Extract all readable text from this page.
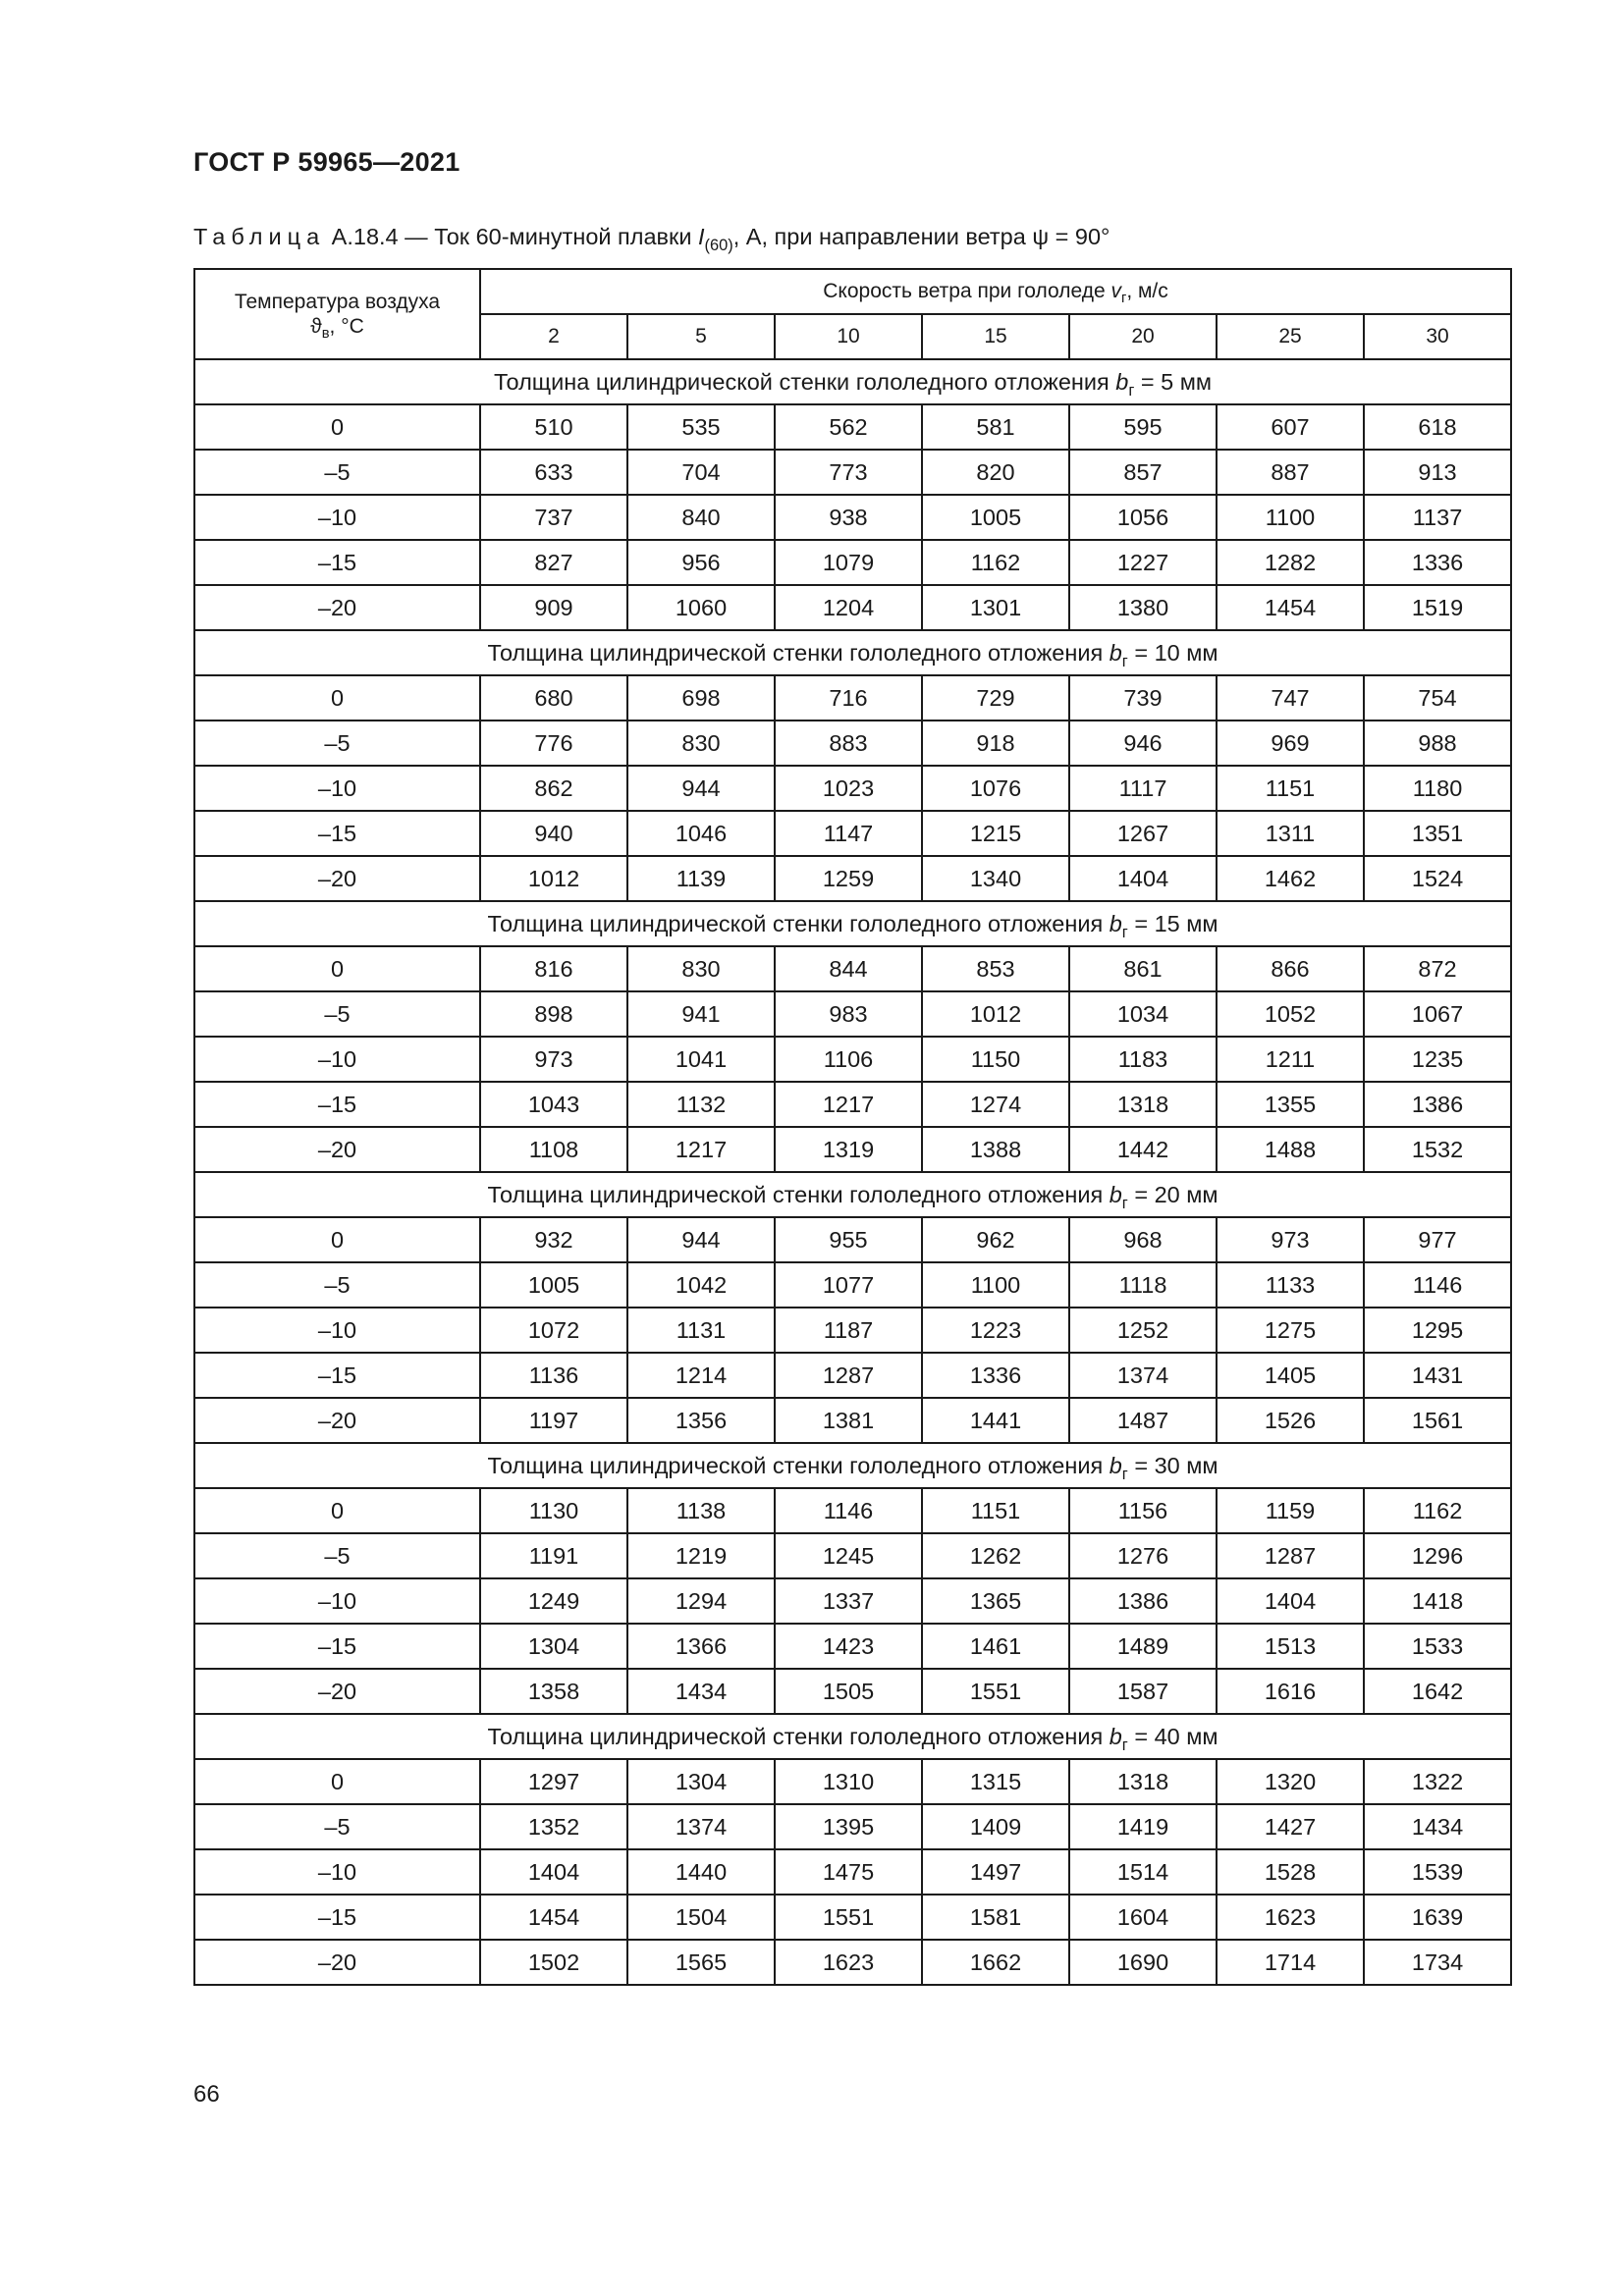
ГОСТ Р 59965—2021
Таблица А.18.4 — Ток 60-минутной плавки $I_{(60)}$, А, при направлении ветра ψ = 90°
Температура воздуха
$ϑ_в$, °С	Скорость ветра при гололеде $v_г$, м/с						
	2	5	10	15	20	25	30
Толщина цилиндрической стенки гололедного отложения $b_г = 5$ мм							
0	510	535	562	581	595	607	618
–5	633	704	773	820	857	887	913
–10	737	840	938	1005	1056	1100	1137
–15	827	956	1079	1162	1227	1282	1336
–20	909	1060	1204	1301	1380	1454	1519
Толщина цилиндрической стенки гололедного отложения $b_г = 10$ мм							
0	680	698	716	729	739	747	754
–5	776	830	883	918	946	969	988
–10	862	944	1023	1076	1117	1151	1180
–15	940	1046	1147	1215	1267	1311	1351
–20	1012	1139	1259	1340	1404	1462	1524
Толщина цилиндрической стенки гололедного отложения $b_г = 15$ мм							
0	816	830	844	853	861	866	872
–5	898	941	983	1012	1034	1052	1067
–10	973	1041	1106	1150	1183	1211	1235
–15	1043	1132	1217	1274	1318	1355	1386
–20	1108	1217	1319	1388	1442	1488	1532
Толщина цилиндрической стенки гололедного отложения $b_г = 20$ мм							
0	932	944	955	962	968	973	977
–5	1005	1042	1077	1100	1118	1133	1146
–10	1072	1131	1187	1223	1252	1275	1295
–15	1136	1214	1287	1336	1374	1405	1431
–20	1197	1356	1381	1441	1487	1526	1561
Толщина цилиндрической стенки гололедного отложения $b_г = 30$ мм							
0	1130	1138	1146	1151	1156	1159	1162
–5	1191	1219	1245	1262	1276	1287	1296
–10	1249	1294	1337	1365	1386	1404	1418
–15	1304	1366	1423	1461	1489	1513	1533
–20	1358	1434	1505	1551	1587	1616	1642
Толщина цилиндрической стенки гололедного отложения $b_г = 40$ мм							
0	1297	1304	1310	1315	1318	1320	1322
–5	1352	1374	1395	1409	1419	1427	1434
–10	1404	1440	1475	1497	1514	1528	1539
–15	1454	1504	1551	1581	1604	1623	1639
–20	1502	1565	1623	1662	1690	1714	1734
66
